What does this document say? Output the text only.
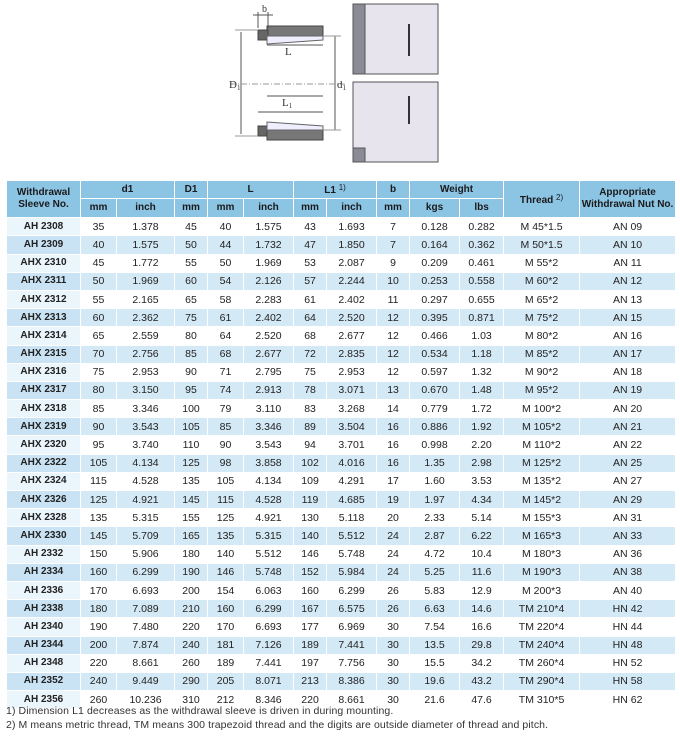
b
L
D1	d1
L1
Withdrawal Sleeve No.	d1		D1	L		L1 $^{1)}$		b	Weight		Thread $^{2)}$	Appropriate Withdrawal Nut No.
	mm	inch	mm	mm	inch	mm	inch	mm	kgs	lbs		
AH 2308	35	1.378	45	40	1.575	43	1.693	7	0.128	0.282	M 45*1.5	AN 09
AH 2309	40	1.575	50	44	1.732	47	1.850	7	0.164	0.362	M 50*1.5	AN 10
AHX 2310	45	1.772	55	50	1.969	53	2.087	9	0.209	0.461	M 55*2	AN 11
AHX 2311	50	1.969	60	54	2.126	57	2.244	10	0.253	0.558	M 60*2	AN 12
AHX 2312	55	2.165	65	58	2.283	61	2.402	11	0.297	0.655	M 65*2	AN 13
AHX 2313	60	2.362	75	61	2.402	64	2.520	12	0.395	0.871	M 75*2	AN 15
AHX 2314	65	2.559	80	64	2.520	68	2.677	12	0.466	1.03	M 80*2	AN 16
AHX 2315	70	2.756	85	68	2.677	72	2.835	12	0.534	1.18	M 85*2	AN 17
AHX 2316	75	2.953	90	71	2.795	75	2.953	12	0.597	1.32	M 90*2	AN 18
AHX 2317	80	3.150	95	74	2.913	78	3.071	13	0.670	1.48	M 95*2	AN 19
AHX 2318	85	3.346	100	79	3.110	83	3.268	14	0.779	1.72	M 100*2	AN 20
AHX 2319	90	3.543	105	85	3.346	89	3.504	16	0.886	1.92	M 105*2	AN 21
AHX 2320	95	3.740	110	90	3.543	94	3.701	16	0.998	2.20	M 110*2	AN 22
AHX 2322	105	4.134	125	98	3.858	102	4.016	16	1.35	2.98	M 125*2	AN 25
AHX 2324	115	4.528	135	105	4.134	109	4.291	17	1.60	3.53	M 135*2	AN 27
AHX 2326	125	4.921	145	115	4.528	119	4.685	19	1.97	4.34	M 145*2	AN 29
AHX 2328	135	5.315	155	125	4.921	130	5.118	20	2.33	5.14	M 155*3	AN 31
AHX 2330	145	5.709	165	135	5.315	140	5.512	24	2.87	6.22	M 165*3	AN 33
AH 2332	150	5.906	180	140	5.512	146	5.748	24	4.72	10.4	M 180*3	AN 36
AH 2334	160	6.299	190	146	5.748	152	5.984	24	5.25	11.6	M 190*3	AN 38
AH 2336	170	6.693	200	154	6.063	160	6.299	26	5.83	12.9	M 200*3	AN 40
AH 2338	180	7.089	210	160	6.299	167	6.575	26	6.63	14.6	TM 210*4	HN 42
AH 2340	190	7.480	220	170	6.693	177	6.969	30	7.54	16.6	TM 220*4	HN 44
AH 2344	200	7.874	240	181	7.126	189	7.441	30	13.5	29.8	TM 240*4	HN 48
AH 2348	220	8.661	260	189	7.441	197	7.756	30	15.5	34.2	TM 260*4	HN 52
AH 2352	240	9.449	290	205	8.071	213	8.386	30	19.6	43.2	TM 290*4	HN 58
AH 2356	260	10.236	310	212	8.346	220	8.661	30	21.6	47.6	TM 310*5	HN 62
1) Dimension L1 decreases as the withdrawal sleeve is driven in during mounting.
2) M means metric thread, TM means 300 trapezoid thread and the digits are outside diameter of thread and pitch.
